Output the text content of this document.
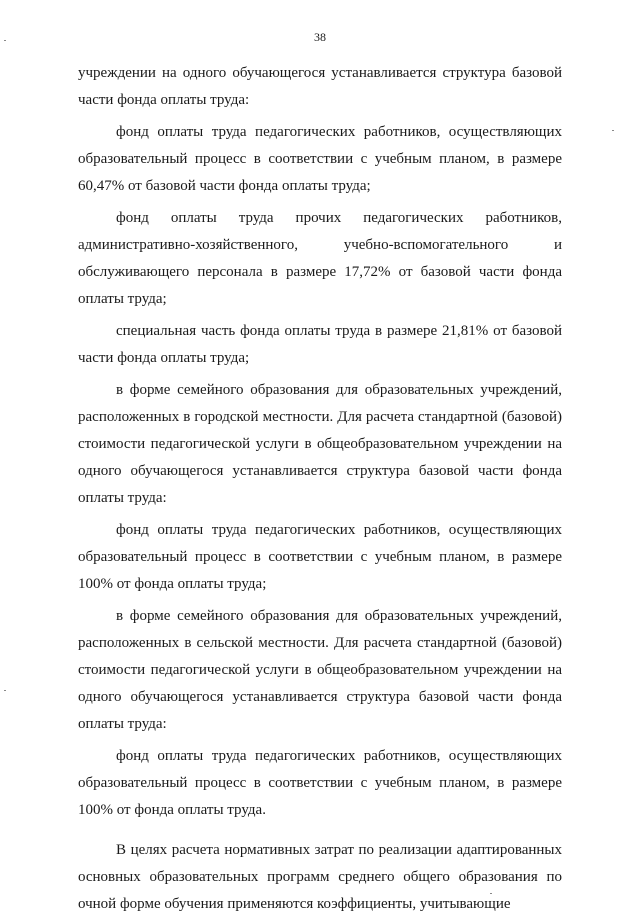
38

учреждении на одного обучающегося устанавливается структура базовой части фонда оплаты труда:

фонд оплаты труда педагогических работников, осуществляющих образовательный процесс в соответствии с учебным планом, в размере 60,47% от базовой части фонда оплаты труда;

фонд оплаты труда прочих педагогических работников, административно-хозяйственного, учебно-вспомогательного и обслуживающего персонала в размере 17,72% от базовой части фонда оплаты труда;

специальная часть фонда оплаты труда в размере 21,81% от базовой части фонда оплаты труда;

в форме семейного образования для образовательных учреждений, расположенных в городской местности. Для расчета стандартной (базовой) стоимости педагогической услуги в общеобразовательном учреждении на одного обучающегося устанавливается структура базовой части фонда оплаты труда:

фонд оплаты труда педагогических работников, осуществляющих образовательный процесс в соответствии с учебным планом, в размере 100% от фонда оплаты труда;

в форме семейного образования для образовательных учреждений, расположенных в сельской местности. Для расчета стандартной (базовой) стоимости педагогической услуги в общеобразовательном учреждении на одного обучающегося устанавливается структура базовой части фонда оплаты труда:

фонд оплаты труда педагогических работников, осуществляющих образовательный процесс в соответствии с учебным планом, в размере 100% от фонда оплаты труда.

В целях расчета нормативных затрат по реализации адаптированных основных образовательных программ среднего общего образования по очной форме обучения применяются коэффициенты, учитывающие
